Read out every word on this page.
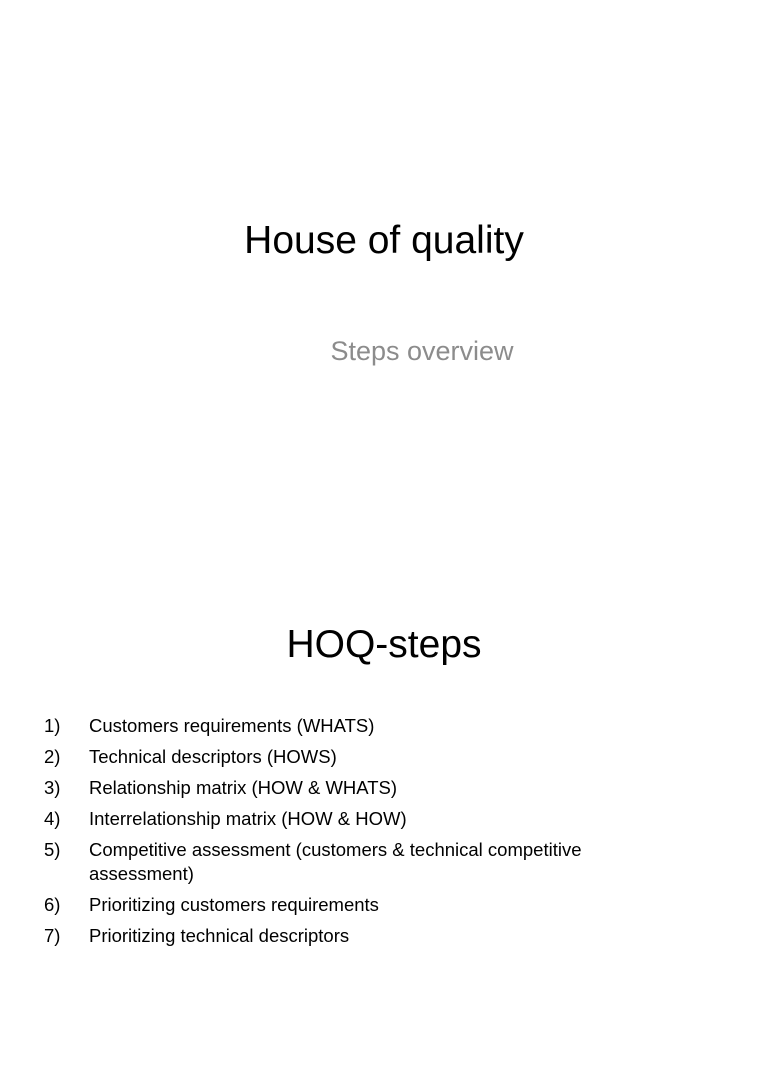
House of quality
Steps overview
HOQ-steps
1)	Customers requirements (WHATS)
2)	Technical descriptors (HOWS)
3)	Relationship matrix (HOW & WHATS)
4)	Interrelationship matrix (HOW & HOW)
5)	Competitive assessment (customers & technical competitive assessment)
6)	Prioritizing customers requirements
7)	Prioritizing technical descriptors
